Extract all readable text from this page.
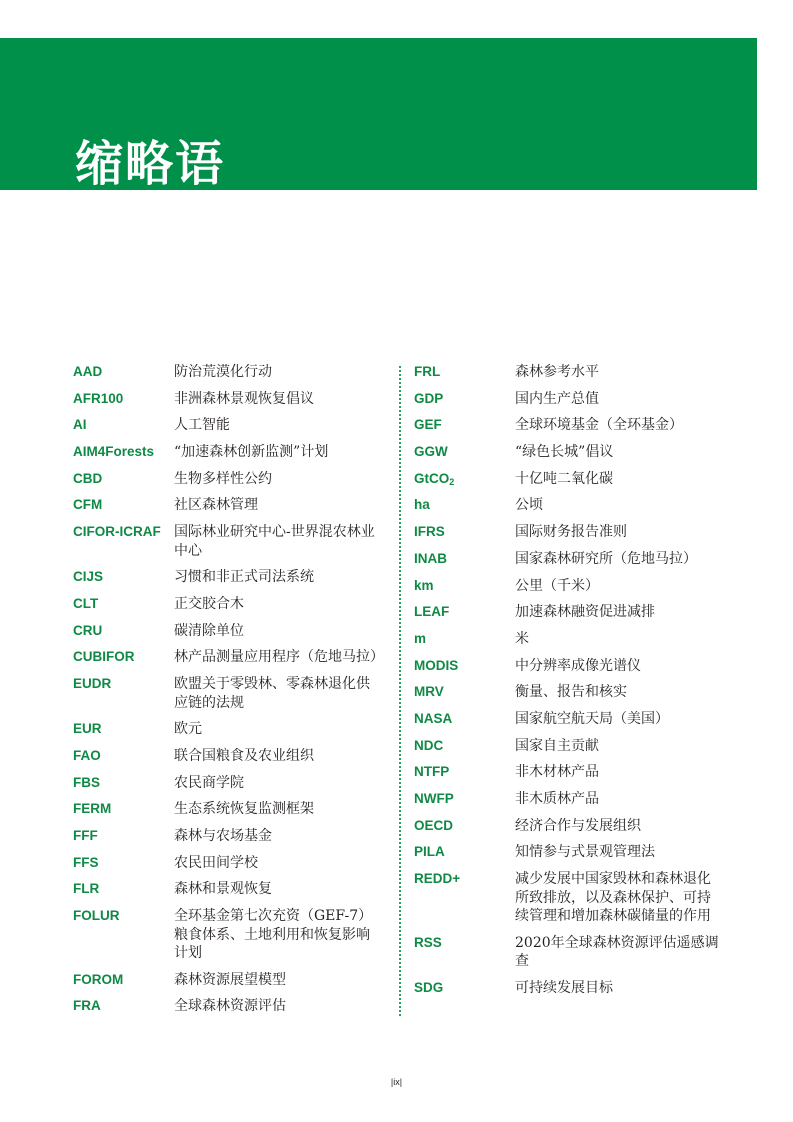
缩略语
AAD	防治荒漠化行动
AFR100	非洲森林景观恢复倡议
AI	人工智能
AIM4Forests “加速森林创新监测”计划
CBD	生物多样性公约
CFM	社区森林管理
CIFOR-ICRAF 国际林业研究中心-世界混农林业中心
CIJS	习惯和非正式司法系统
CLT	正交胶合木
CRU	碳清除单位
CUBIFOR	林产品测量应用程序（危地马拉）
EUDR	欧盟关于零毁林、零森林退化供应链的法规
EUR	欧元
FAO	联合国粮食及农业组织
FBS	农民商学院
FERM	生态系统恢复监测框架
FFF	森林与农场基金
FFS	农民田间学校
FLR	森林和景观恢复
FOLUR	全环基金第七次充资（GEF-7）粮食体系、土地利用和恢复影响计划
FOROM	森林资源展望模型
FRA	全球森林资源评估
FRL	森林参考水平
GDP	国内生产总值
GEF	全球环境基金（全环基金）
GGW	“绿色长城”倡议
GtCO$_2$	十亿吨二氧化碳
ha	公顷
IFRS	国际财务报告准则
INAB	国家森林研究所（危地马拉）
km	公里（千米）
LEAF	加速森林融资促进减排
m	米
MODIS	中分辨率成像光谱仪
MRV	衡量、报告和核实
NASA	国家航空航天局（美国）
NDC	国家自主贡献
NTFP	非木材林产品
NWFP	非木质林产品
OECD	经济合作与发展组织
PILA	知情参与式景观管理法
REDD+	减少发展中国家毁林和森林退化所致排放，以及森林保护、可持续管理和增加森林碳储量的作用
RSS	2020年全球森林资源评估遥感调查
SDG	可持续发展目标
|ix|
